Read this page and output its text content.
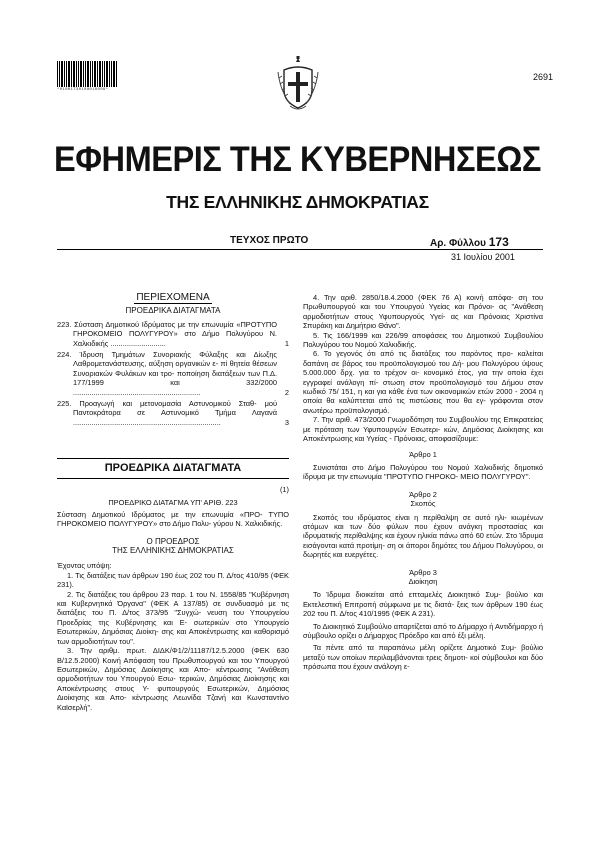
*01001730108010008*
2691
ΕΦΗΜΕΡΙΣ ΤΗΣ ΚΥΒΕΡΝΗΣΕΩΣ
ΤΗΣ ΕΛΛΗΝΙΚΗΣ ΔΗΜΟΚΡΑΤΙΑΣ
ΤΕΥΧΟΣ ΠΡΩΤΟ	Αρ. Φύλλου 173
31 Ιουλίου 2001
ΠΕΡΙΕΧΟΜΕΝΑ
ΠΡΟΕΔΡΙΚΑ ΔΙΑΤΑΓΜΑΤΑ
223. Σύσταση Δημοτικού Ιδρύματος με την επωνυμία «ΠΡΟΤΥΠΟ ΓΗΡΟΚΟΜΕΙΟ ΠΟΛΥΓΥΡΟΥ» στο Δήμο Πολυγύρου Ν. Χαλκιδικής ...........................	1
224. Ίδρυση Τμημάτων Συνοριακής Φύλαξης και Δίωξης Λαθρομετανάστευσης, αύξηση οργανικών ε- πί θητεία θέσεων Συνοριακών Φυλάκων και τρο- ποποίηση διατάξεων των Π.Δ. 177/1999 και 332/2000 ..............................................................	2
225. Προαγωγή και μετονομασία Αστυνομικού Σταθ- μού Παντοκράτορα σε Αστυνομικό Τμήμα Λαγανά ........................................................................	3
ΠΡΟΕΔΡΙΚΑ ΔΙΑΤΑΓΜΑΤΑ
(1)
ΠΡΟΕΔΡΙΚΟ ΔΙΑΤΑΓΜΑ ΥΠ' ΑΡΙΘ. 223
Σύσταση Δημοτικού Ιδρύματος με την επωνυμία «ΠΡΟ- ΤΥΠΟ ΓΗΡΟΚΟΜΕΙΟ ΠΟΛΥΓΥΡΟΥ» στο Δήμο Πολυ- γύρου Ν. Χαλκιδικής.
Ο ΠΡΟΕΔΡΟΣ
ΤΗΣ ΕΛΛΗΝΙΚΗΣ ΔΗΜΟΚΡΑΤΙΑΣ
Έχοντας υπόψη:
1. Τις διατάξεις των άρθρων 190 έως 202 του Π. Δ/τος 410/95 (ΦΕΚ 231).
2. Τις διατάξεις του άρθρου 23 παρ. 1 του Ν. 1558/85 "Κυβέρνηση και Κυβερνητικά Όργανα" (ΦΕΚ Α 137/85) σε συνδυασμό με τις διατάξεις του Π. Δ/τος 373/95 "Συγχώ- νευση του Υπουργείου Προεδρίας της Κυβέρνησης και Ε- σωτερικών στο Υπουργείο Εσωτερικών, Δημόσιας Διοίκη- σης και Αποκέντρωσης και καθορισμό των αρμοδιοτήτων του".
3. Την αριθμ. πρωτ. ΔΙΔΚ/Φ1/2/11187/12.5.2000 (ΦΕΚ 630 Β/12.5.2000) Κοινή Απόφαση του Πρωθυπουργού και του Υπουργού Εσωτερικών, Δημόσιας Διοίκησης και Απο- κέντρωσης "Ανάθεση αρμοδιοτήτων του Υπουργού Εσω- τερικών, Δημόσιας Διοίκησης και Αποκέντρωσης στους Υ- φυπουργούς Εσωτερικών, Δημόσιας Διοίκησης και Απο- κέντρωσης Λεωνίδα Τζανή και Κωνσταντίνο Καϊσερλή".
4. Την αριθ. 2850/18.4.2000 (ΦΕΚ 76 Α) κοινή απόφα- ση του Πρωθυπουργού και του Υπουργού Υγείας και Πρόνοι- ας "Ανάθεση αρμοδιοτήτων στους Υφυπουργούς Υγεί- ας και Πρόνοιας Χριστίνα Σπυράκη και Δημήτριο Θάνο".
5. Τις 166/1999 και 226/99 αποφάσεις του Δημοτικού Συμβουλίου Πολυγύρου του Νομού Χαλκιδικής.
6. Το γεγονός ότι από τις διατάξεις του παρόντος προ- καλείται δαπάνη σε βάρος του προϋπολογισμού του Δή- μου Πολυγύρου ύψους 5.000.000 δρχ. για το τρέχον οι- κονομικό έτος, για την οποία έχει εγγραφεί ανάλογη πί- στωση στον προϋπολογισμό του Δήμου στον κωδικό 75/ 151, η και για κάθε ένα των οικονομικών ετών 2000 - 2004 η οποία θα καλύπτεται από τις πιστώσεις που θα εγ- γράφονται στον ανωτέρω προϋπολογισμό.
7. Την αριθ. 473/2000 Γνωμοδότηση του Συμβουλίου της Επικρατείας με πρόταση των Υφυπουργών Εσωτερι- κών, Δημόσιας Διοίκησης και Αποκέντρωσης και Υγείας - Πρόνοιας, αποφασίζουμε:
Άρθρο 1
Συνιστάται στο Δήμο Πολυγύρου του Νομού Χαλκιδικής δημοτικό ίδρυμα με την επωνυμία "ΠΡΟΤΥΠΟ ΓΗΡΟΚΟ- ΜΕΙΟ ΠΟΛΥΓΥΡΟΥ".
Άρθρο 2
Σκοπός
Σκοπός του ιδρύματος είναι η περίθαλψη σε αυτό ηλι- κιωμένων ατόμων και των δύο φύλων που έχουν ανάγκη προστασίας και ιδρυματικής περίθαλψης και έχουν ηλικία πάνω από 60 ετών. Στο Ίδρυμα εισάγονται κατά προτίμη- ση οι άποροι δημότες του Δήμου Πολυγύρου, οι δωρητές και ευεργέτες.
Άρθρο 3
Διοίκηση
Το Ίδρυμα διοικείται από επταμελές Διοικητικό Συμ- βούλιο και Εκτελεστική Επιτροπή σύμφωνα με τις διατά- ξεις των άρθρων 190 έως 202 του Π. Δ/τος 410/1995 (ΦΕΚ Α 231).
Το Διοικητικό Συμβούλιο απαρτίζεται από το Δήμαρχο ή Αντιδήμαρχο ή σύμβουλο ορίζει ο Δήμαρχος Πρόεδρο και από έξι μέλη.
Τα πέντε από τα παραπάνω μέλη ορίζετε Δημοτικό Συμ- βούλιο μεταξύ των οποίων περιλαμβάνονται τρεις δημοτι- κοί σύμβουλοι και δύο πρόσωπα που έχουν ανάλογη ε-
